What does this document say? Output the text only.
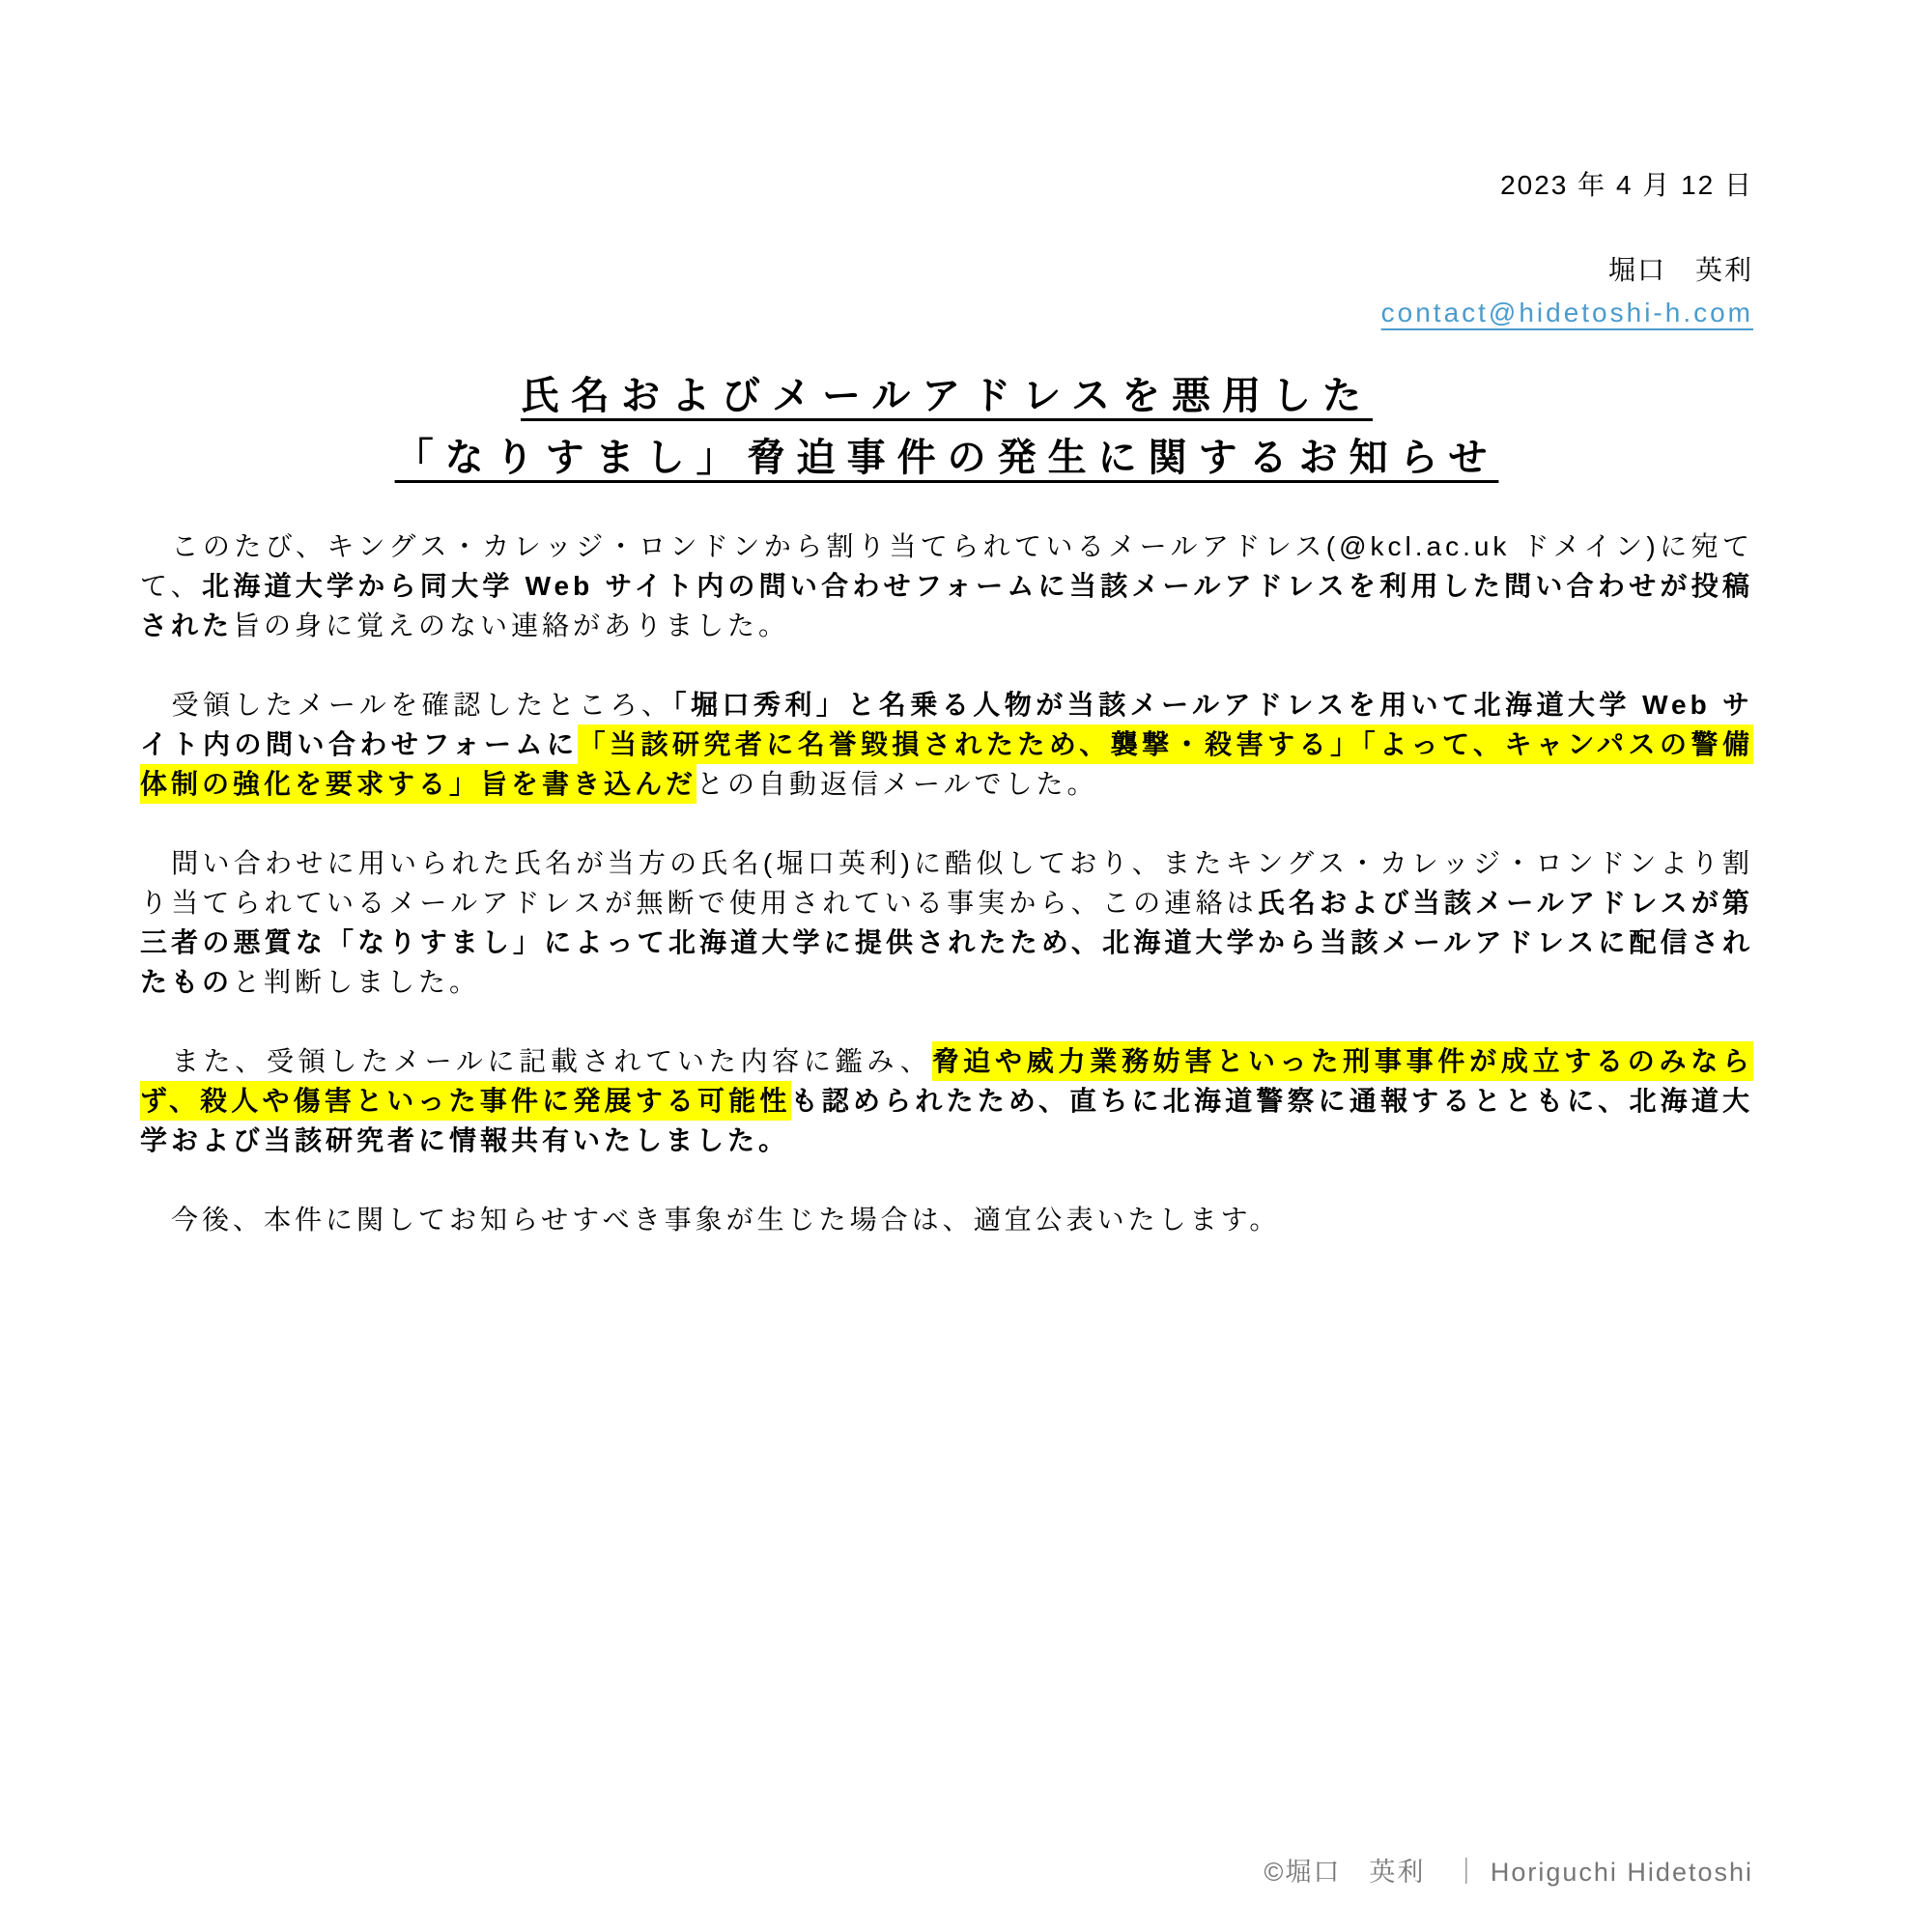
2023 年 4 月 12 日
堀口　英利
contact@hidetoshi-h.com
氏名およびメールアドレスを悪用した
「なりすまし」脅迫事件の発生に関するお知らせ

　このたび、キングス・カレッジ・ロンドンから割り当てられているメールアドレス(@kcl.ac.uk ドメイン)に宛てて、北海道大学から同大学 Web サイト内の問い合わせフォームに当該メールアドレスを利用した問い合わせが投稿された旨の身に覚えのない連絡がありました。

　受領したメールを確認したところ、「堀口秀利」と名乗る人物が当該メールアドレスを用いて北海道大学 Web サイト内の問い合わせフォームに「当該研究者に名誉毀損されたため、襲撃・殺害する」「よって、キャンパスの警備体制の強化を要求する」旨を書き込んだとの自動返信メールでした。

　問い合わせに用いられた氏名が当方の氏名(堀口英利)に酷似しており、またキングス・カレッジ・ロンドンより割り当てられているメールアドレスが無断で使用されている事実から、この連絡は氏名および当該メールアドレスが第三者の悪質な「なりすまし」によって北海道大学に提供されたため、北海道大学から当該メールアドレスに配信されたものと判断しました。

　また、受領したメールに記載されていた内容に鑑み、脅迫や威力業務妨害といった刑事事件が成立するのみならず、殺人や傷害といった事件に発展する可能性も認められたため、直ちに北海道警察に通報するとともに、北海道大学および当該研究者に情報共有いたしました。

　今後、本件に関してお知らせすべき事象が生じた場合は、適宜公表いたします。

©堀口　英利　｜ Horiguchi Hidetoshi
